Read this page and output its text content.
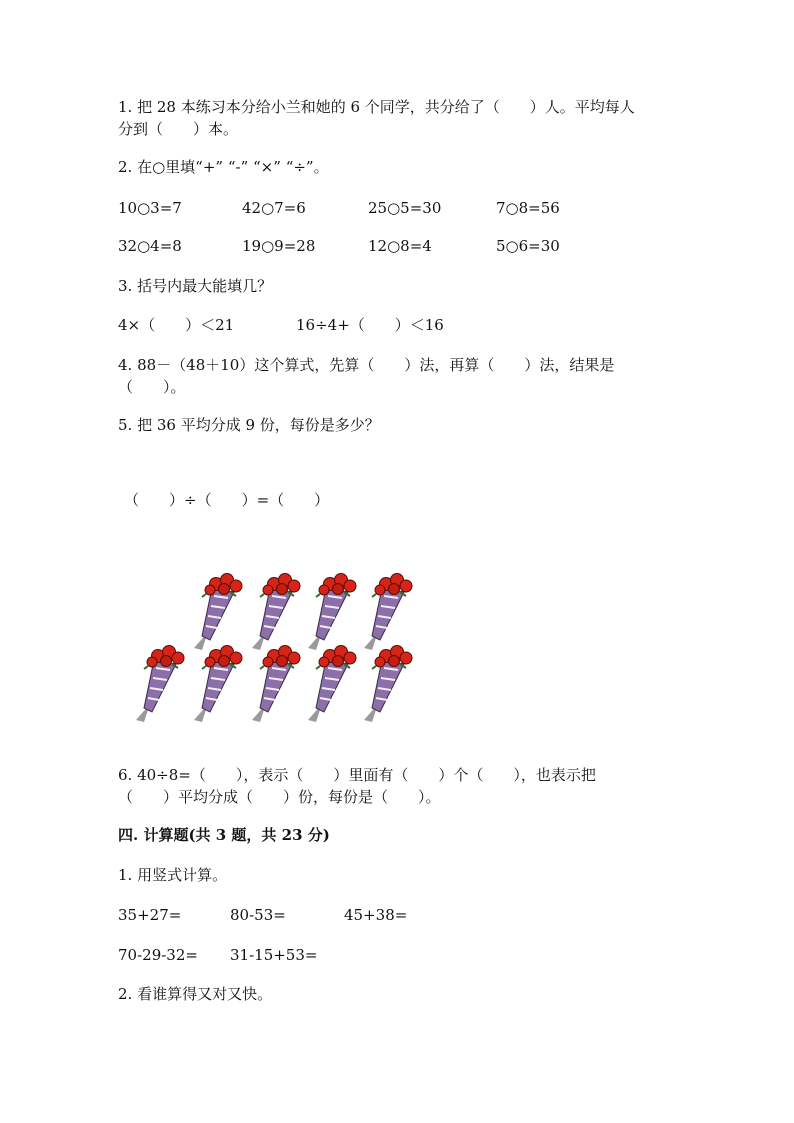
1. 把 28 本练习本分给小兰和她的 6 个同学，共分给了（　　）人。平均每人
分到（　　）本。
2. 在○里填“+” “-” “×” “÷”。
10○3=7	42○7=6	25○5=30	7○8=56
32○4=8	19○9=28	12○8=4	5○6=30
3. 括号内最大能填几？
4×（　　）＜21	16÷4+（　　）＜16
4. 88－（48＋10）这个算式，先算（　　）法，再算（　　）法，结果是
（　　）。
5. 把 36 平均分成 9 份，每份是多少？
（　　）÷（　　）=（　　）
6. 40÷8=（　　），表示（　　）里面有（　　）个（　　），也表示把
（　　）平均分成（　　）份，每份是（　　）。
四. 计算题(共 3 题，共 23 分)
1. 用竖式计算。
35+27=	80-53=	45+38=
70-29-32= 31-15+53=
2. 看谁算得又对又快。
